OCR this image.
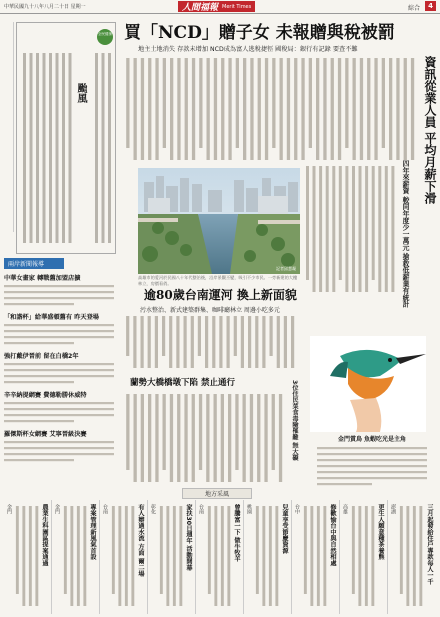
中華民國九十八年八月二十日 星期一	人間福報 Merit Times	綜合	4
全民健保
颱風
兩岸新聞報導
中華女畫家 轉戰舊加盟店擴
「和諧杯」給華盛頓舊有 昨天登場
強打戴伊晉前 留在白橋2年
辛辛納提網賽 費德勒勝休威特
羅傑斯杯女網賽 艾寧晉級決賽
買「NCD」贈子女 未報贈與稅被罰
地主土地消失 存款未增加 NCD成為富人逃稅捷徑 國稅局：銀行有記錄 要查不難
資訊從業人員 平均月薪下滑
四年來薪資 較同年度少一萬元 搶救低薪業有統計
記者邱慧凝
高雄市的愛河於民國八十年代整治後，沿岸景觀丕變，吸引不少市民。一旁新建的大樓林立，房價看俏。
逾80歲台南運河 換上新面貌
污水整治、新式建築群集、咖啡廳林立 周邊小吃多元
金門賞鳥 魚蝦吃光是主角
蘭勢大橋橋墩下陷 禁止通行	3位住民菜食毒險罹難 無大礙
地方采風
金門	農業生科園區提案通過 金門	專案管理新風氣首設 台南	有人辯過水流 方面 爾二場 彰化	家扶30日週年 活動開幕 台南	曾騰富一下 做牛牧羊 桃園	兒童享受節慶資源 台中	修歡愉台中與自然相處 高雄	更生人願意種茶養熊 澎湖	三月起發給住戶專款每人一千
